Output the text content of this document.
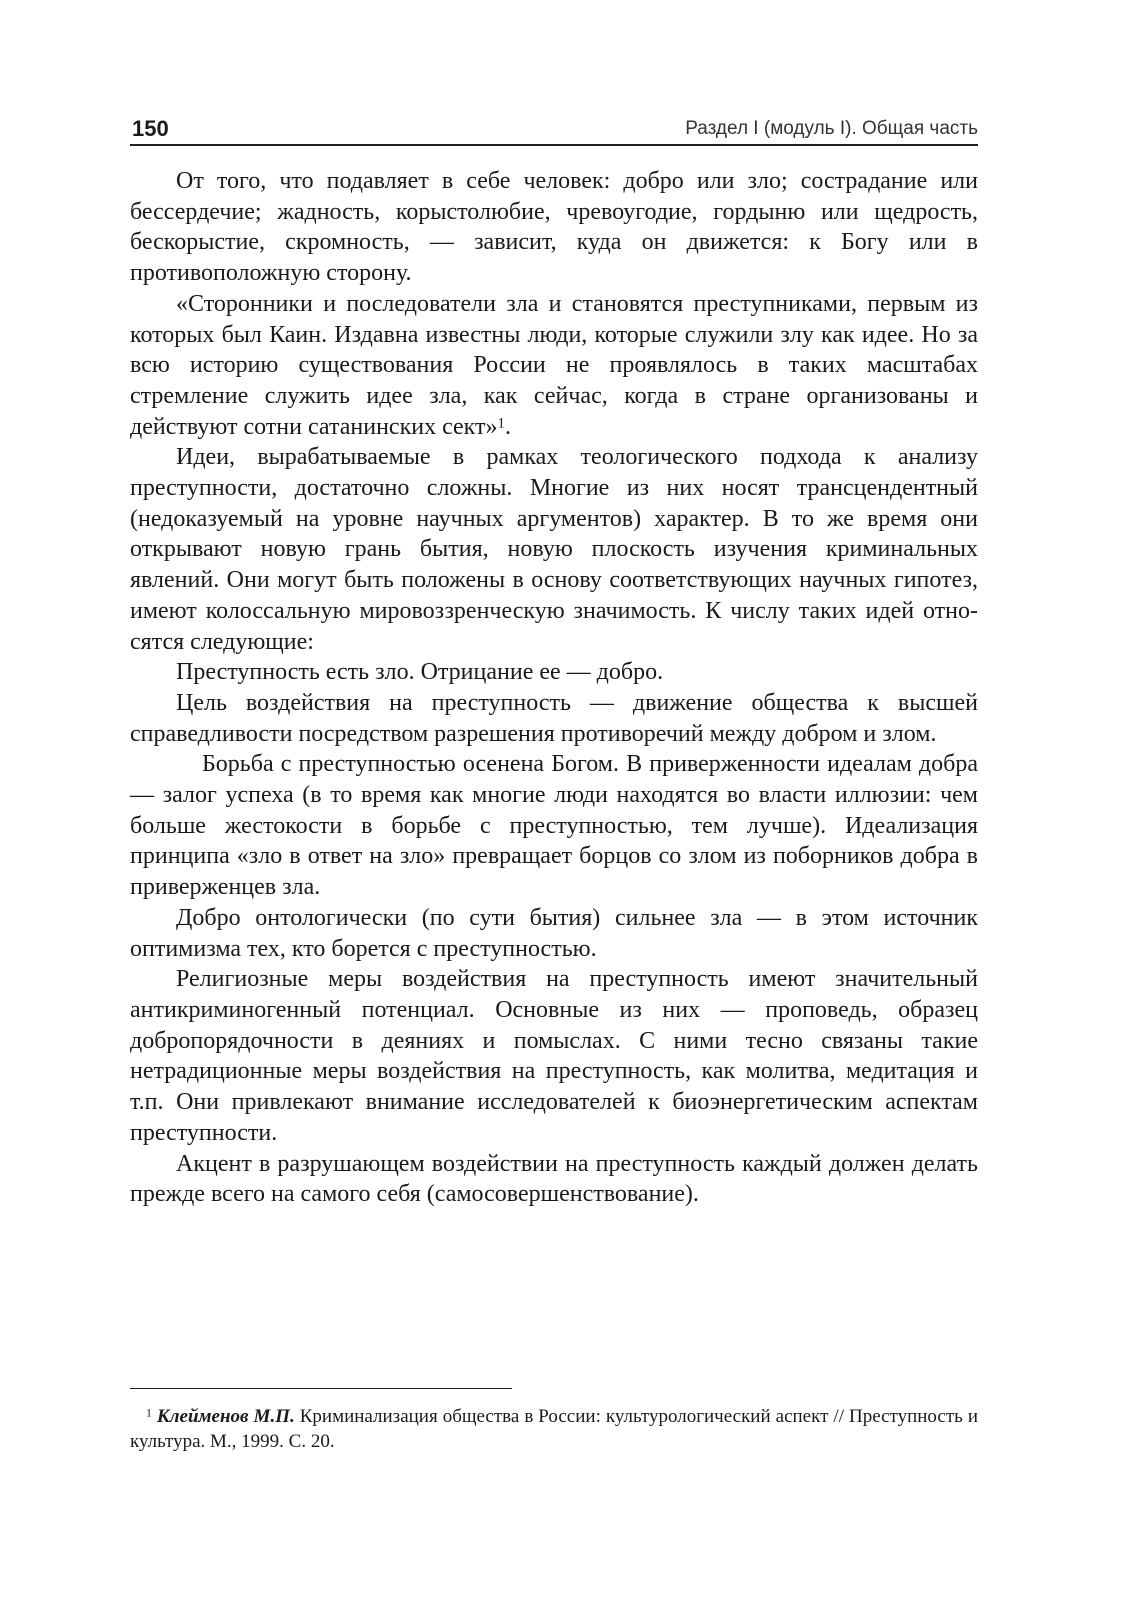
150	Раздел I (модуль I). Общая часть

От того, что подавляет в себе человек: добро или зло; сострадание или бессердечие; жадность, корыстолюбие, чревоугодие, гордыню или щедрость, бескорыстие, скромность, — зависит, куда он движется: к Богу или в противоположную сторону.

«Сторонники и последователи зла и становятся преступниками, первым из которых был Каин. Издавна известны люди, которые служили злу как идее. Но за всю историю существования России не проявлялось в таких масштабах стремление служить идее зла, как сейчас, когда в стране организованы и действуют сотни сатанинских сект»$^1$.

Идеи, вырабатываемые в рамках теологического подхода к анализу преступности, достаточно сложны. Многие из них носят трансцендентный (недоказуемый на уровне научных аргументов) характер. В то же время они открывают новую грань бытия, новую плоскость изучения криминальных явлений. Они могут быть положены в основу соответствующих научных гипотез, имеют колоссальную мировоззренческую значимость. К числу таких идей относятся следующие:

Преступность есть зло. Отрицание ее — добро.

Цель воздействия на преступность — движение общества к высшей справедливости посредством разрешения противоречий между добром и злом.

Борьба с преступностью осенена Богом. В приверженности идеалам добра — залог успеха (в то время как многие люди находятся во власти иллюзии: чем больше жестокости в борьбе с преступностью, тем лучше). Идеализация принципа «зло в ответ на зло» превращает борцов со злом из поборников добра в приверженцев зла.

Добро онтологически (по сути бытия) сильнее зла — в этом источник оптимизма тех, кто борется с преступностью.

Религиозные меры воздействия на преступность имеют значительный антикриминогенный потенциал. Основные из них — проповедь, образец добропорядочности в деяниях и помыслах. С ними тесно связаны такие нетрадиционные меры воздействия на преступность, как молитва, медитация и т.п. Они привлекают внимание исследователей к биоэнергетическим аспектам преступности.

Акцент в разрушающем воздействии на преступность каждый должен делать прежде всего на самого себя (самосовершенствование).

$^1$ Клейменов М.П. Криминализация общества в России: культурологический аспект // Преступность и культура. М., 1999. С. 20.
